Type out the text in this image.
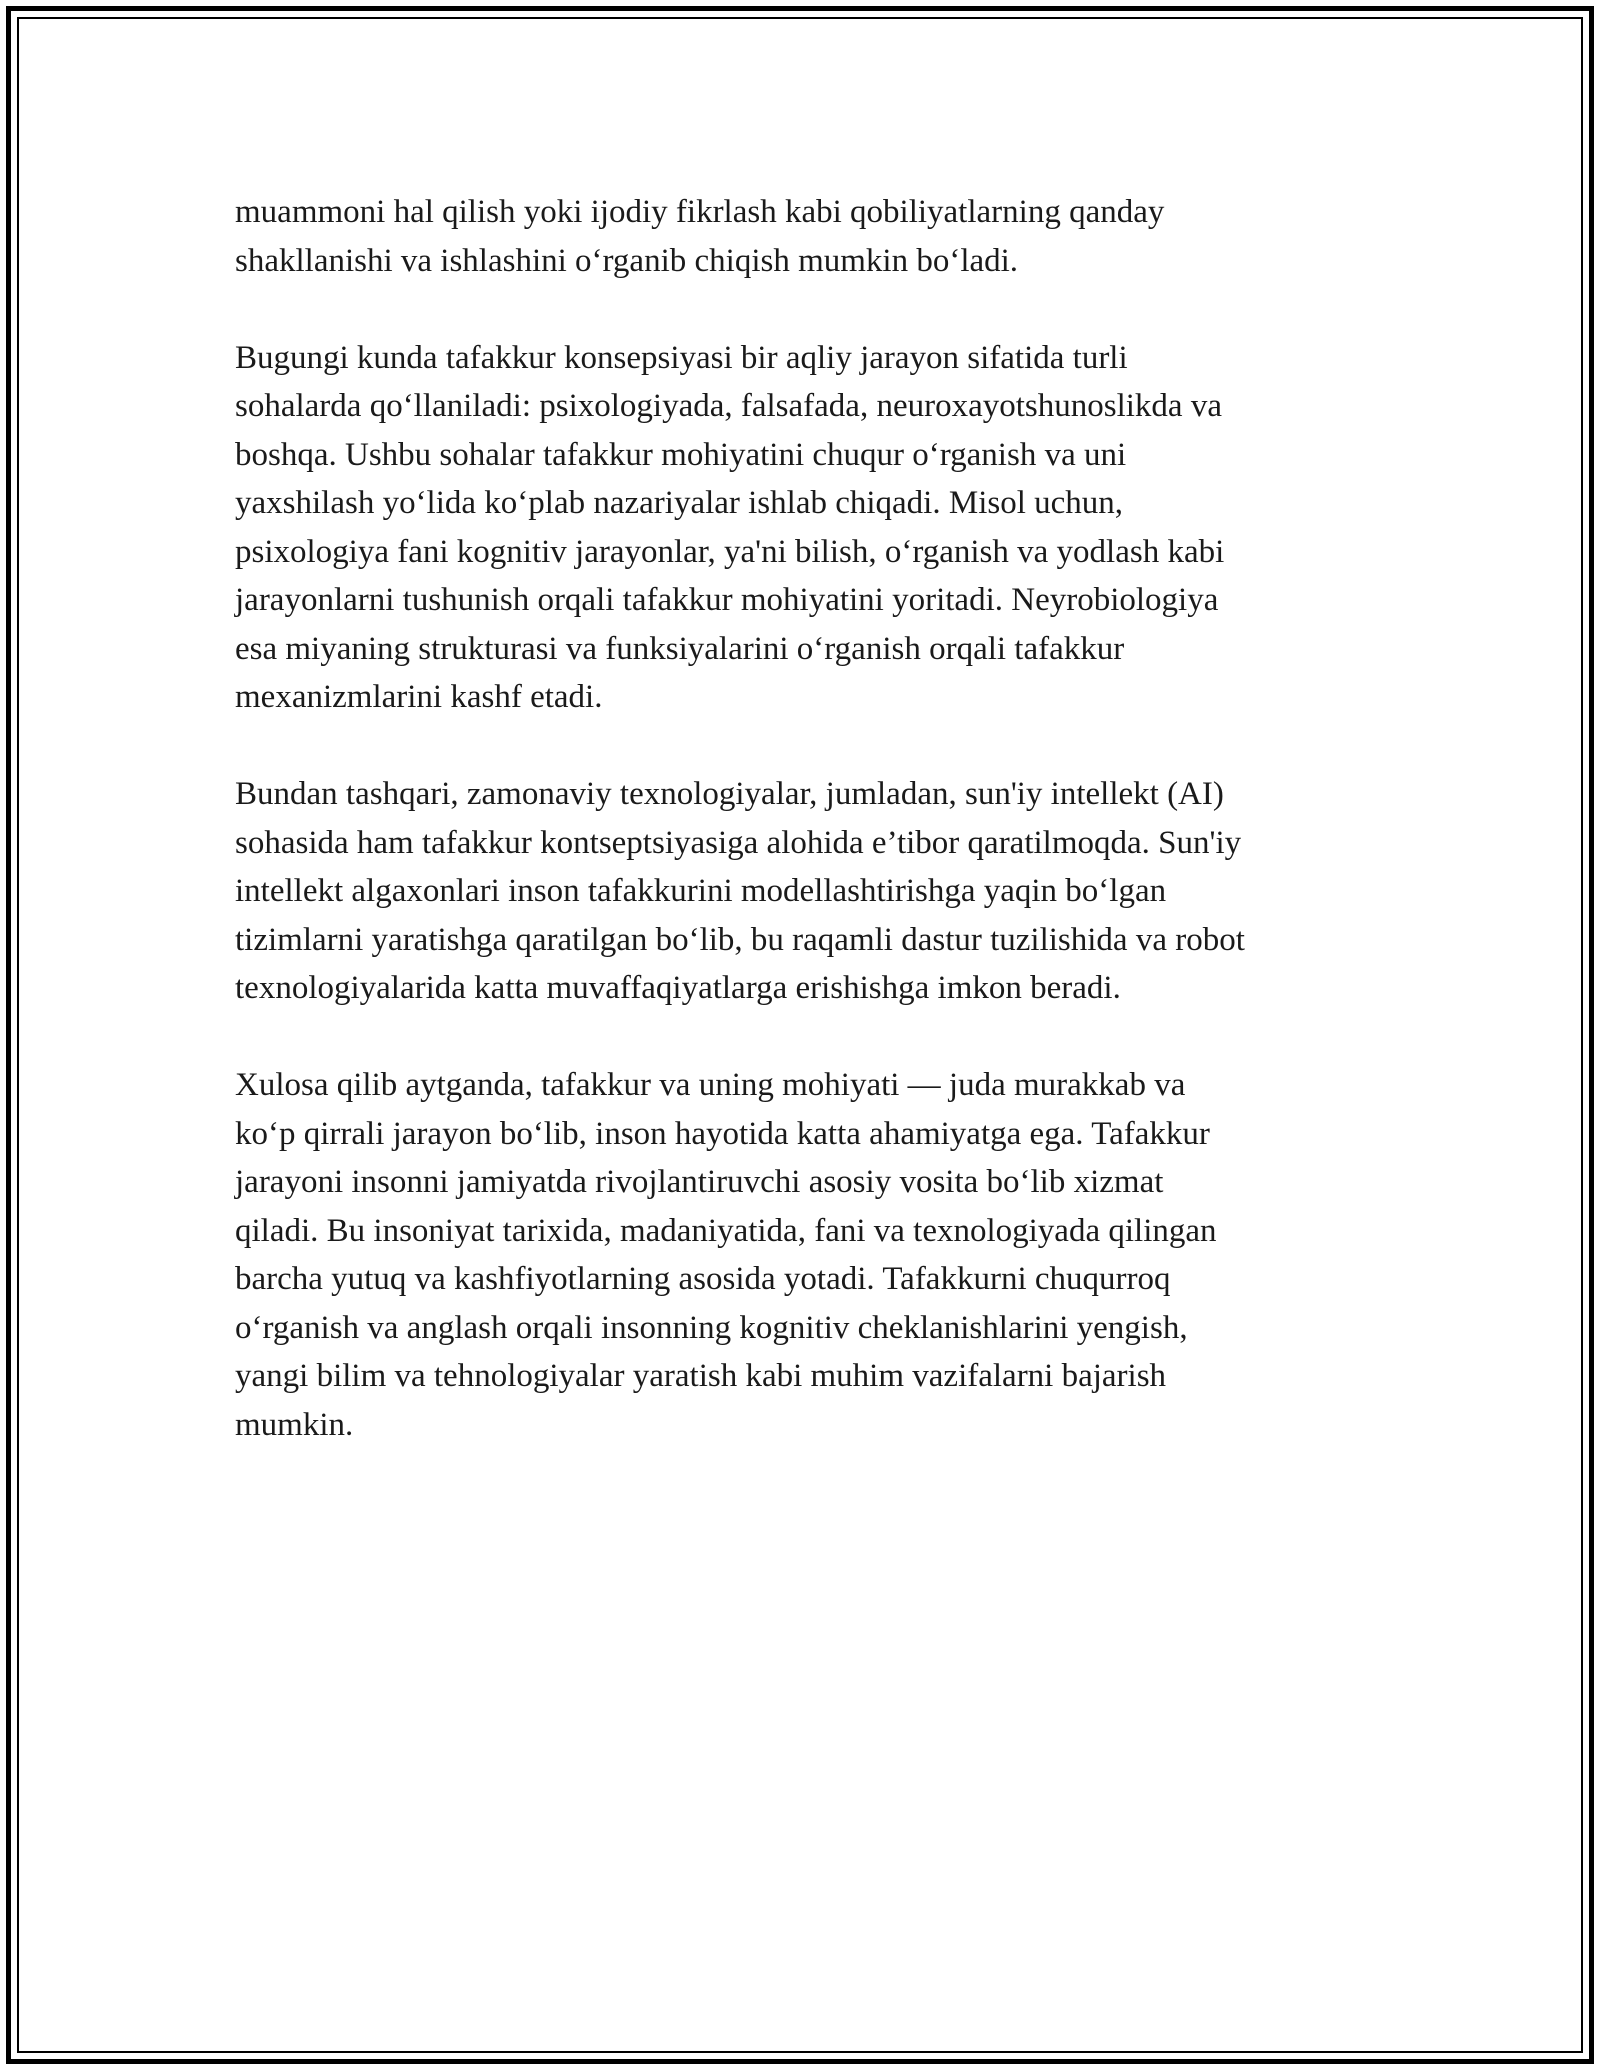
muammoni hal qilish yoki ijodiy fikrlash kabi qobiliyatlarning qanday
shakllanishi va ishlashini o‘rganib chiqish mumkin bo‘ladi.

Bugungi kunda tafakkur konsepsiyasi bir aqliy jarayon sifatida turli
sohalarda qo‘llaniladi: psixologiyada, falsafada, neuroxayotshunoslikda va
boshqa. Ushbu sohalar tafakkur mohiyatini chuqur o‘rganish va uni
yaxshilash yo‘lida ko‘plab nazariyalar ishlab chiqadi. Misol uchun,
psixologiya fani kognitiv jarayonlar, ya'ni bilish, o‘rganish va yodlash kabi
jarayonlarni tushunish orqali tafakkur mohiyatini yoritadi. Neyrobiologiya
esa miyaning strukturasi va funksiyalarini o‘rganish orqali tafakkur
mexanizmlarini kashf etadi.

Bundan tashqari, zamonaviy texnologiyalar, jumladan, sun'iy intellekt (AI)
sohasida ham tafakkur kontseptsiyasiga alohida e’tibor qaratilmoqda. Sun'iy
intellekt algaxonlari inson tafakkurini modellashtirishga yaqin bo‘lgan
tizimlarni yaratishga qaratilgan bo‘lib, bu raqamli dastur tuzilishida va robot
texnologiyalarida katta muvaffaqiyatlarga erishishga imkon beradi.

Xulosa qilib aytganda, tafakkur va uning mohiyati — juda murakkab va
ko‘p qirrali jarayon bo‘lib, inson hayotida katta ahamiyatga ega. Tafakkur
jarayoni insonni jamiyatda rivojlantiruvchi asosiy vosita bo‘lib xizmat
qiladi. Bu insoniyat tarixida, madaniyatida, fani va texnologiyada qilingan
barcha yutuq va kashfiyotlarning asosida yotadi. Tafakkurni chuqurroq
o‘rganish va anglash orqali insonning kognitiv cheklanishlarini yengish,
yangi bilim va tehnologiyalar yaratish kabi muhim vazifalarni bajarish
mumkin.
